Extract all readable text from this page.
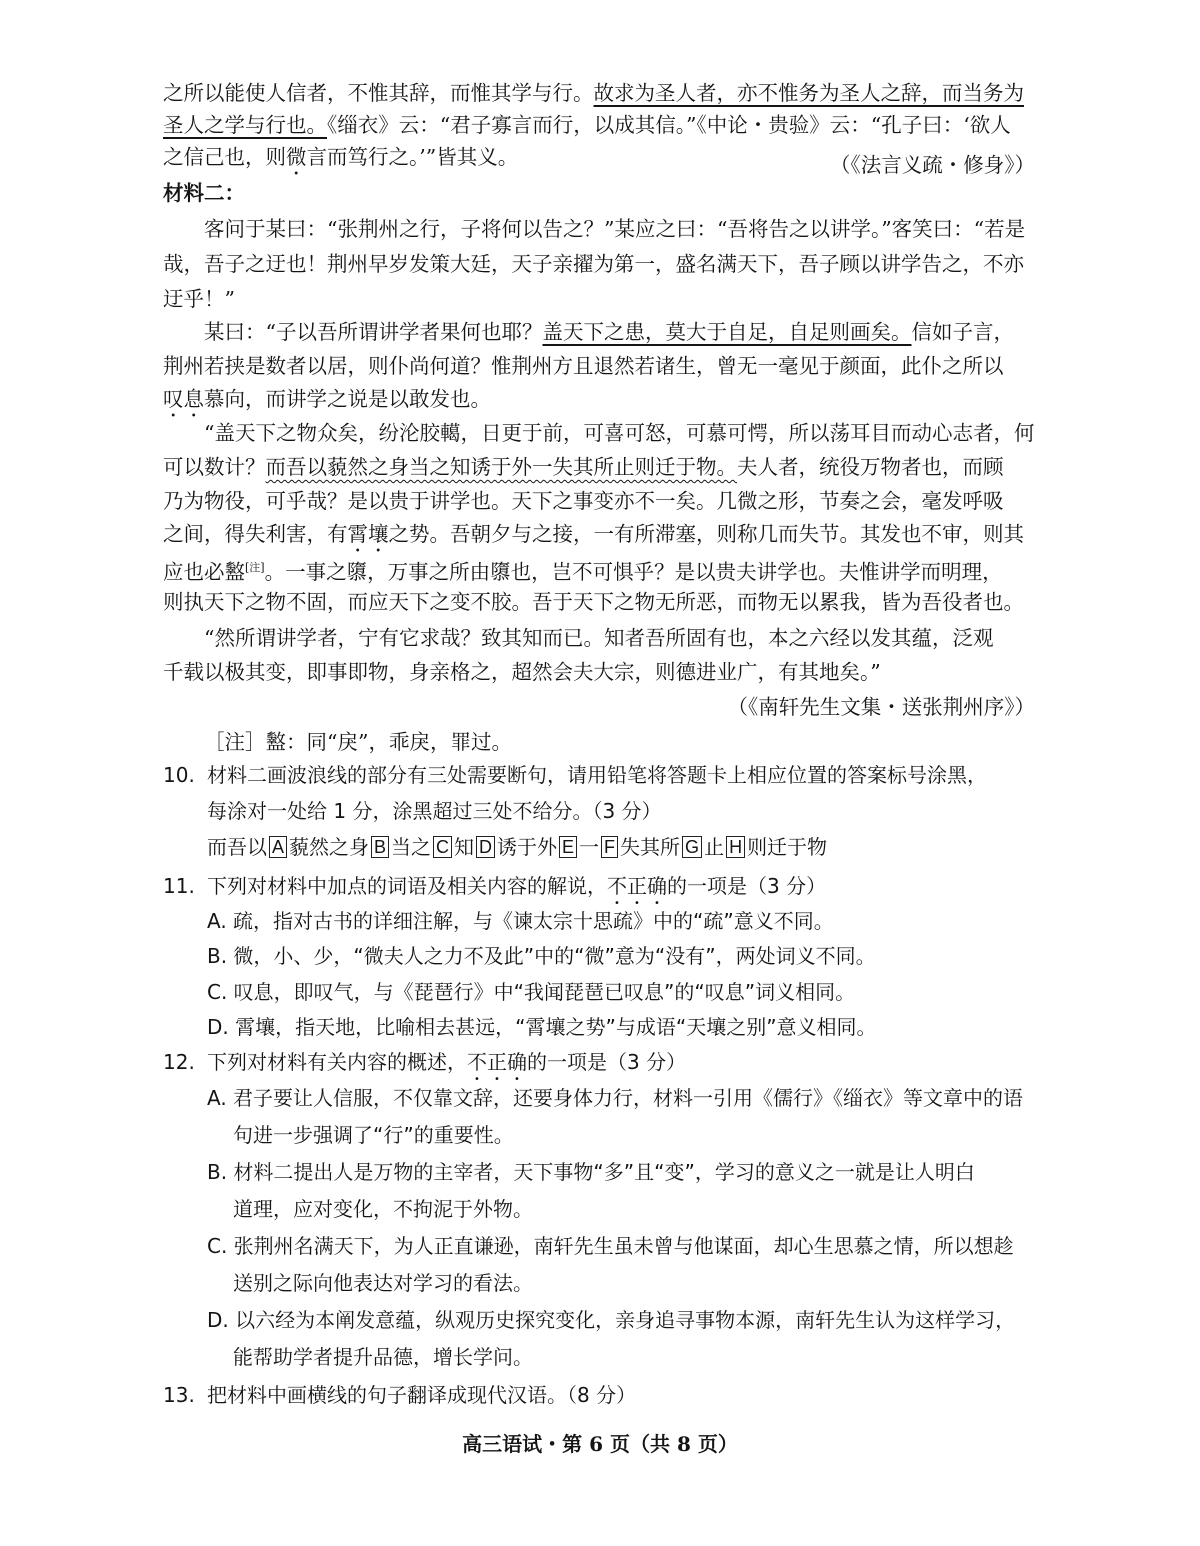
之所以能使人信者，不惟其辞，而惟其学与行。故求为圣人者，亦不惟务为圣人之辞，而当务为
圣人之学与行也。《缁衣》云：“君子寡言而行，以成其信。”《中论・贵验》云：“孔子曰：‘欲人
之信己也，则微言而笃行之。’”皆其义。	（《法言义疏・修身》）
材料二：
客问于某曰：“张荆州之行，子将何以告之？”某应之曰：“吾将告之以讲学。”客笑曰：“若是
哉，吾子之迂也！荆州早岁发策大廷，天子亲擢为第一，盛名满天下，吾子顾以讲学告之，不亦
迂乎！”
某曰：“子以吾所谓讲学者果何也耶？盖天下之患，莫大于自足，自足则画矣。信如子言，
荆州若挟是数者以居，则仆尚何道？惟荆州方且退然若诸生，曾无一毫见于颜面，此仆之所以
叹息慕向，而讲学之说是以敢发也。
“盖天下之物众矣，纷沦胶轕，日更于前，可喜可怒，可慕可愕，所以荡耳目而动心志者，何
可以数计？而吾以藐然之身当之知诱于外一失其所止则迁于物。夫人者，统役万物者也，而顾
乃为物役，可乎哉？是以贵于讲学也。天下之事变亦不一矣。几微之形，节奏之会，毫发呼吸
之间，得失利害，有霄壤之势。吾朝夕与之接，一有所滞塞，则称几而失节。其发也不审，则其
应也必盭[注]。一事之隳，万事之所由隳也，岂不可惧乎？是以贵夫讲学也。夫惟讲学而明理，
则执天下之物不固，而应天下之变不胶。吾于天下之物无所恶，而物无以累我，皆为吾役者也。
“然所谓讲学者，宁有它求哉？致其知而已。知者吾所固有也，本之六经以发其蕴，泛观
千载以极其变，即事即物，身亲格之，超然会夫大宗，则德进业广，有其地矣。”
（《南轩先生文集・送张荆州序》）
［注］盭：同“戾”，乖戾，罪过。
10. 材料二画波浪线的部分有三处需要断句，请用铅笔将答题卡上相应位置的答案标号涂黑，
每涂对一处给 1 分，涂黑超过三处不给分。（3 分）
而吾以 A 藐然之身 B 当之 C 知 D 诱于外 E 一 F 失其所 G 止 H 则迁于物
11. 下列对材料中加点的词语及相关内容的解说，不正确的一项是（3 分）
A. 疏，指对古书的详细注解，与《谏太宗十思疏》中的“疏”意义不同。
B. 微，小、少，“微夫人之力不及此”中的“微”意为“没有”，两处词义不同。
C. 叹息，即叹气，与《琵琶行》中“我闻琵琶已叹息”的“叹息”词义相同。
D. 霄壤，指天地，比喻相去甚远，“霄壤之势”与成语“天壤之别”意义相同。
12. 下列对材料有关内容的概述，不正确的一项是（3 分）
A. 君子要让人信服，不仅靠文辞，还要身体力行，材料一引用《儒行》《缁衣》等文章中的语
句进一步强调了“行”的重要性。
B. 材料二提出人是万物的主宰者，天下事物“多”且“变”，学习的意义之一就是让人明白
道理，应对变化，不拘泥于外物。
C. 张荆州名满天下，为人正直谦逊，南轩先生虽未曾与他谋面，却心生思慕之情，所以想趁
送别之际向他表达对学习的看法。
D. 以六经为本阐发意蕴，纵观历史探究变化，亲身追寻事物本源，南轩先生认为这样学习，
能帮助学者提升品德，增长学问。
13. 把材料中画横线的句子翻译成现代汉语。（8 分）
高三语试・第 6 页（共 8 页）
